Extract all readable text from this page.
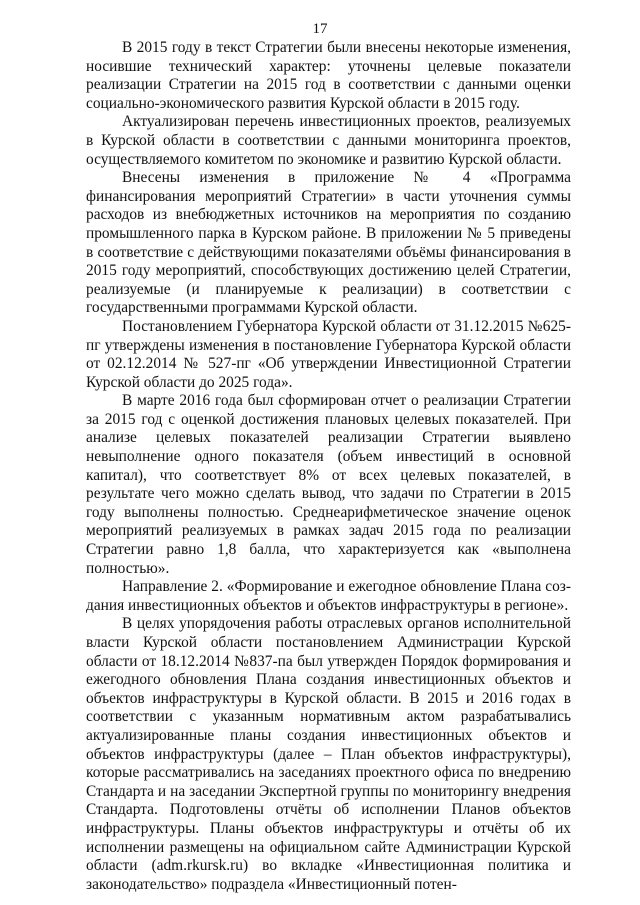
17

В 2015 году в текст Стратегии были внесены некоторые изменения, носившие технический характер: уточнены целевые показатели реализации Стратегии на 2015 год в соответствии с данными оценки социально-экономического развития Курской области в 2015 году.

Актуализирован перечень инвестиционных проектов, реализуемых в Курской области в соответствии с данными мониторинга проектов, осуществляемого комитетом по экономике и развитию Курской области.

Внесены изменения в приложение № 4 «Программа финансирования мероприятий Стратегии» в части уточнения суммы расходов из внебюджетных источников на мероприятия по созданию промышленного парка в Курском районе. В приложении № 5 приведены в соответствие с действующими показателями объёмы финансирования в 2015 году мероприятий, способствующих достижению целей Стратегии, реализуемые (и планируемые к реализации) в соответствии с государственными программами Курской области.

Постановлением Губернатора Курской области от 31.12.2015 №625-пг утверждены изменения в постановление Губернатора Курской области от 02.12.2014 № 527-пг «Об утверждении Инвестиционной Стратегии Курской области до 2025 года».

В марте 2016 года был сформирован отчет о реализации Стратегии за 2015 год с оценкой достижения плановых целевых показателей. При анализе целевых показателей реализации Стратегии выявлено невыполнение одного показателя (объем инвестиций в основной капитал), что соответствует 8% от всех целевых показателей, в результате чего можно сделать вывод, что задачи по Стратегии в 2015 году выполнены полностью. Среднеарифметическое значение оценок мероприятий реализуемых в рамках задач 2015 года по реализации Стратегии равно 1,8 балла, что характеризуется как «выполнена полностью».

Направление 2. «Формирование и ежегодное обновление Плана создания инвестиционных объектов и объектов инфраструктуры в регионе».

В целях упорядочения работы отраслевых органов исполнительной власти Курской области постановлением Администрации Курской области от 18.12.2014 №837-па был утвержден Порядок формирования и ежегодного обновления Плана создания инвестиционных объектов и объектов инфраструктуры в Курской области. В 2015 и 2016 годах в соответствии с указанным нормативным актом разрабатывались актуализированные планы создания инвестиционных объектов и объектов инфраструктуры (далее – План объектов инфраструктуры), которые рассматривались на заседаниях проектного офиса по внедрению Стандарта и на заседании Экспертной группы по мониторингу внедрения Стандарта. Подготовлены отчёты об исполнении Планов объектов инфраструктуры. Планы объектов инфраструктуры и отчёты об их исполнении размещены на официальном сайте Администрации Курской области (adm.rkursk.ru) во вкладке «Инвестиционная политика и законодательство» подраздела «Инвестиционный потен-
